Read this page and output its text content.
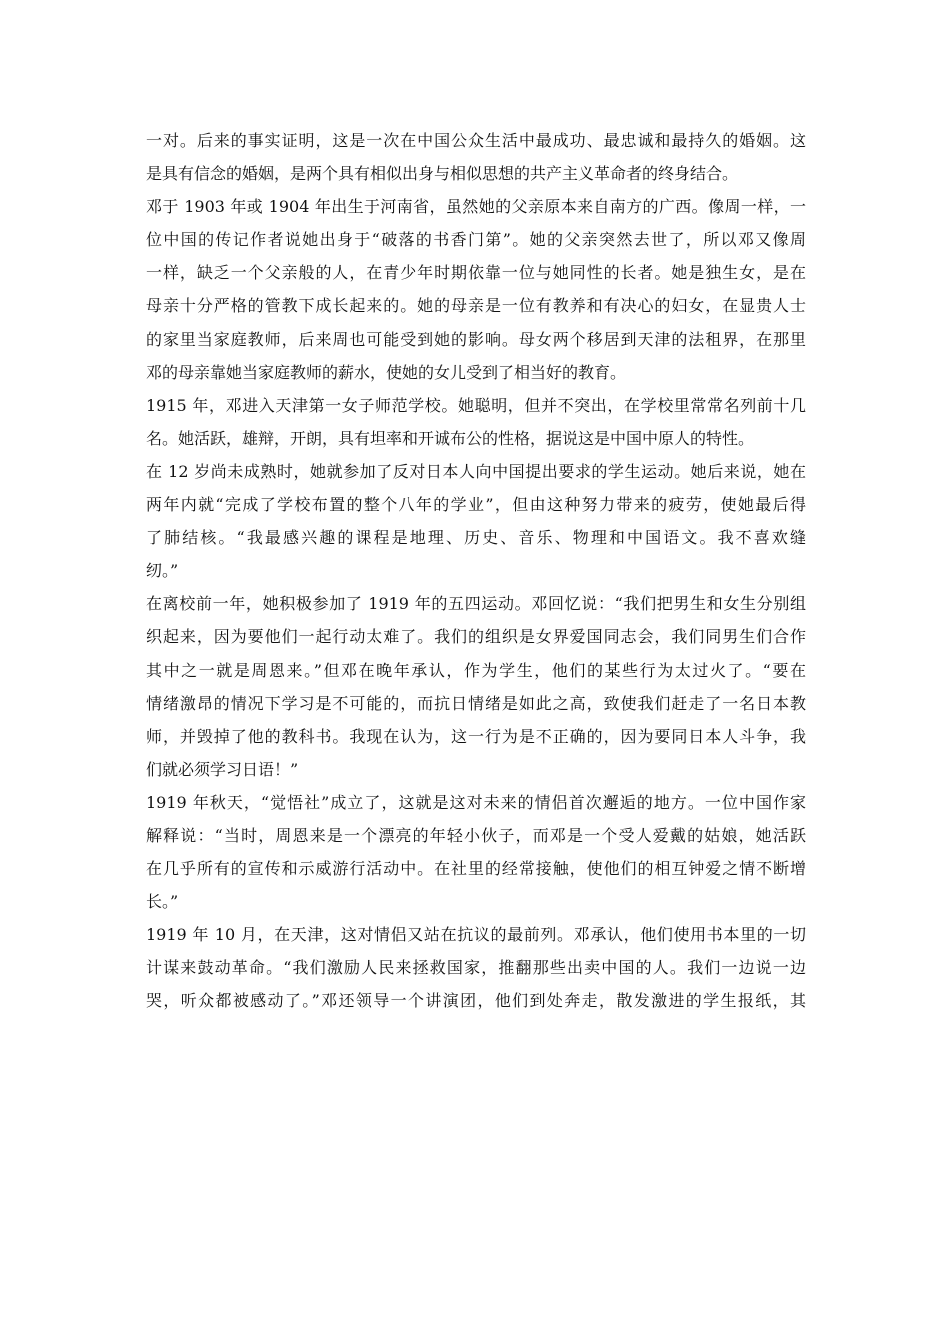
一对。后来的事实证明，这是一次在中国公众生活中最成功、最忠诚和最持久的婚姻。这
是具有信念的婚姻，是两个具有相似出身与相似思想的共产主义革命者的终身结合。
邓于 1903 年或 1904 年出生于河南省，虽然她的父亲原本来自南方的广西。像周一样，一
位中国的传记作者说她出身于“破落的书香门第”。她的父亲突然去世了，所以邓又像周
一样，缺乏一个父亲般的人，在青少年时期依靠一位与她同性的长者。她是独生女，是在
母亲十分严格的管教下成长起来的。她的母亲是一位有教养和有决心的妇女，在显贵人士
的家里当家庭教师，后来周也可能受到她的影响。母女两个移居到天津的法租界，在那里
邓的母亲靠她当家庭教师的薪水，使她的女儿受到了相当好的教育。
1915 年，邓进入天津第一女子师范学校。她聪明，但并不突出，在学校里常常名列前十几
名。她活跃，雄辩，开朗，具有坦率和开诚布公的性格，据说这是中国中原人的特性。
在 12 岁尚未成熟时，她就参加了反对日本人向中国提出要求的学生运动。她后来说，她在
两年内就“完成了学校布置的整个八年的学业”，但由这种努力带来的疲劳，使她最后得
了肺结核。“我最感兴趣的课程是地理、历史、音乐、物理和中国语文。我不喜欢缝
纫。”
在离校前一年，她积极参加了 1919 年的五四运动。邓回忆说：“我们把男生和女生分别组
织起来，因为要他们一起行动太难了。我们的组织是女界爱国同志会，我们同男生们合作
其中之一就是周恩来。”但邓在晚年承认，作为学生，他们的某些行为太过火了。“要在
情绪激昂的情况下学习是不可能的，而抗日情绪是如此之高，致使我们赶走了一名日本教
师，并毁掉了他的教科书。我现在认为，这一行为是不正确的，因为要同日本人斗争，我
们就必须学习日语！”
1919 年秋天，“觉悟社”成立了，这就是这对未来的情侣首次邂逅的地方。一位中国作家
解释说：“当时，周恩来是一个漂亮的年轻小伙子，而邓是一个受人爱戴的姑娘，她活跃
在几乎所有的宣传和示威游行活动中。在社里的经常接触，使他们的相互钟爱之情不断增
长。”
1919 年 10 月，在天津，这对情侣又站在抗议的最前列。邓承认，他们使用书本里的一切
计谋来鼓动革命。“我们激励人民来拯救国家，推翻那些出卖中国的人。我们一边说一边
哭，听众都被感动了。”邓还领导一个讲演团，他们到处奔走，散发激进的学生报纸，其
